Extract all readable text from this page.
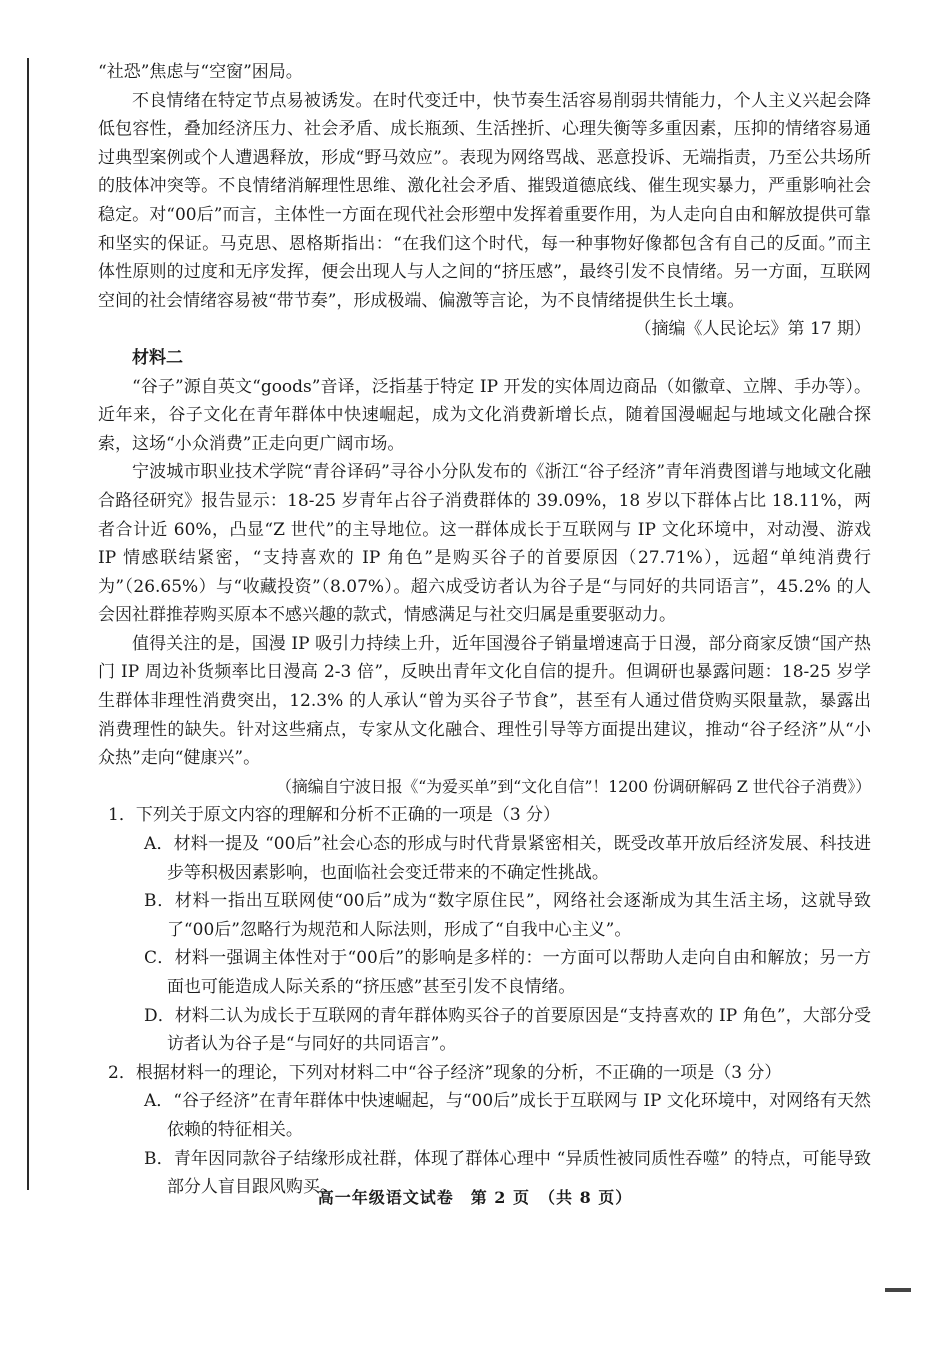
“社恐”焦虑与“空窗”困局。

不良情绪在特定节点易被诱发。在时代变迁中，快节奏生活容易削弱共情能力，个人主义兴起会降低包容性，叠加经济压力、社会矛盾、成长瓶颈、生活挫折、心理失衡等多重因素，压抑的情绪容易通过典型案例或个人遭遇释放，形成“野马效应”。表现为网络骂战、恶意投诉、无端指责，乃至公共场所的肢体冲突等。不良情绪消解理性思维、激化社会矛盾、摧毁道德底线、催生现实暴力，严重影响社会稳定。对“00后”而言，主体性一方面在现代社会形塑中发挥着重要作用，为人走向自由和解放提供可靠和坚实的保证。马克思、恩格斯指出：“在我们这个时代，每一种事物好像都包含有自己的反面。”而主体性原则的过度和无序发挥，便会出现人与人之间的“挤压感”，最终引发不良情绪。另一方面，互联网空间的社会情绪容易被“带节奏”，形成极端、偏激等言论，为不良情绪提供生长土壤。

（摘编《人民论坛》第 17 期）

材料二

“谷子”源自英文“goods”音译，泛指基于特定 IP 开发的实体周边商品（如徽章、立牌、手办等）。近年来，谷子文化在青年群体中快速崛起，成为文化消费新增长点，随着国漫崛起与地域文化融合探索，这场“小众消费”正走向更广阔市场。

宁波城市职业技术学院“青谷译码”寻谷小分队发布的《浙江“谷子经济”青年消费图谱与地域文化融合路径研究》报告显示：18-25 岁青年占谷子消费群体的 39.09%，18 岁以下群体占比 18.11%，两者合计近 60%，凸显“Z 世代”的主导地位。这一群体成长于互联网与 IP 文化环境中，对动漫、游戏 IP 情感联结紧密，“支持喜欢的 IP 角色”是购买谷子的首要原因（27.71%），远超“单纯消费行为”（26.65%）与“收藏投资”（8.07%）。超六成受访者认为谷子是“与同好的共同语言”，45.2% 的人会因社群推荐购买原本不感兴趣的款式，情感满足与社交归属是重要驱动力。

值得关注的是，国漫 IP 吸引力持续上升，近年国漫谷子销量增速高于日漫，部分商家反馈“国产热门 IP 周边补货频率比日漫高 2-3 倍”，反映出青年文化自信的提升。但调研也暴露问题：18-25 岁学生群体非理性消费突出，12.3% 的人承认“曾为买谷子节食”，甚至有人通过借贷购买限量款，暴露出消费理性的缺失。针对这些痛点，专家从文化融合、理性引导等方面提出建议，推动“谷子经济”从“小众热”走向“健康兴”。

（摘编自宁波日报《“为爱买单”到“文化自信”！1200 份调研解码 Z 世代谷子消费》）

1．下列关于原文内容的理解和分析不正确的一项是（3 分）

A．材料一提及 “00后”社会心态的形成与时代背景紧密相关，既受改革开放后经济发展、科技进步等积极因素影响，也面临社会变迁带来的不确定性挑战。

B．材料一指出互联网使“00后”成为“数字原住民”，网络社会逐渐成为其生活主场，这就导致了“00后”忽略行为规范和人际法则，形成了“自我中心主义”。

C．材料一强调主体性对于“00后”的影响是多样的：一方面可以帮助人走向自由和解放；另一方面也可能造成人际关系的“挤压感”甚至引发不良情绪。

D．材料二认为成长于互联网的青年群体购买谷子的首要原因是“支持喜欢的 IP 角色”，大部分受访者认为谷子是“与同好的共同语言”。

2．根据材料一的理论，下列对材料二中“谷子经济”现象的分析，不正确的一项是（3 分）

A．“谷子经济”在青年群体中快速崛起，与“00后”成长于互联网与 IP 文化环境中，对网络有天然依赖的特征相关。

B．青年因同款谷子结缘形成社群，体现了群体心理中 “异质性被同质性吞噬” 的特点，可能导致部分人盲目跟风购买。

高一年级语文试卷　第 2 页　（共 8 页）
